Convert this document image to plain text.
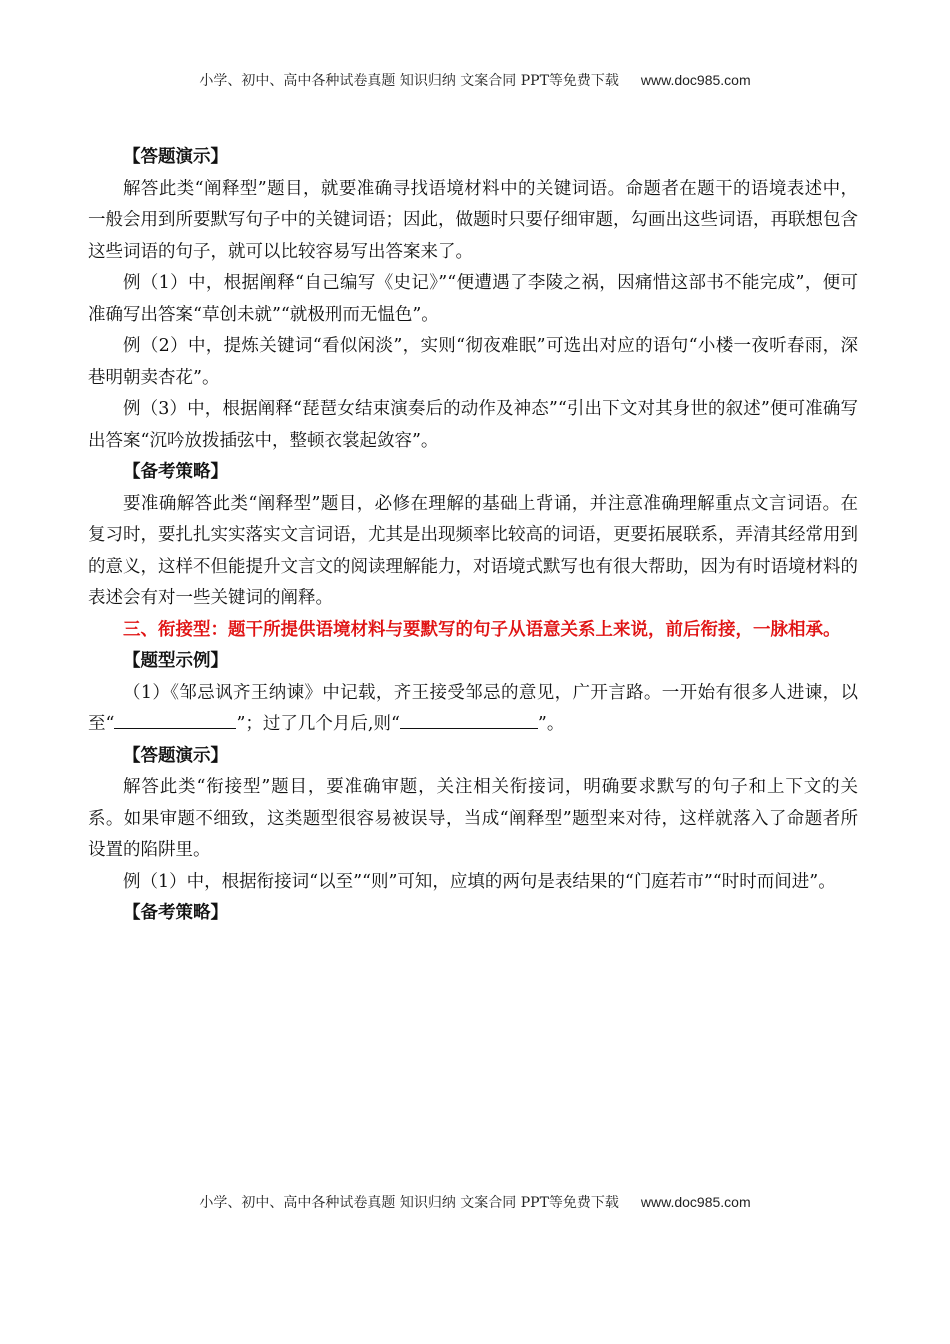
小学、初中、高中各种试卷真题 知识归纳 文案合同 PPT等免费下载 www.doc985.com

【答题演示】

解答此类“阐释型”题目，就要准确寻找语境材料中的关键词语。命题者在题干的语境表述中，一般会用到所要默写句子中的关键词语；因此，做题时只要仔细审题，勾画出这些词语，再联想包含这些词语的句子，就可以比较容易写出答案来了。

例（1）中，根据阐释“自己编写《史记》”“便遭遇了李陵之祸，因痛惜这部书不能完成”，便可准确写出答案“草创未就”“就极刑而无愠色”。

例（2）中，提炼关键词“看似闲淡”，实则“彻夜难眠”可选出对应的语句“小楼一夜听春雨，深巷明朝卖杏花”。

例（3）中，根据阐释“琵琶女结束演奏后的动作及神态”“引出下文对其身世的叙述”便可准确写出答案“沉吟放拨插弦中，整顿衣裳起敛容”。

【备考策略】

要准确解答此类“阐释型”题目，必修在理解的基础上背诵，并注意准确理解重点文言词语。在复习时，要扎扎实实落实文言词语，尤其是出现频率比较高的词语，更要拓展联系，弄清其经常用到的意义，这样不但能提升文言文的阅读理解能力，对语境式默写也有很大帮助，因为有时语境材料的表述会有对一些关键词的阐释。

三、衔接型：题干所提供语境材料与要默写的句子从语意关系上来说，前后衔接，一脉相承。

【题型示例】

（1）《邹忌讽齐王纳谏》中记载，齐王接受邹忌的意见，广开言路。一开始有很多人进谏，以至“	”；过了几个月后,则“	”。

【答题演示】

解答此类“衔接型”题目，要准确审题，关注相关衔接词，明确要求默写的句子和上下文的关系。如果审题不细致，这类题型很容易被误导，当成“阐释型”题型来对待，这样就落入了命题者所设置的陷阱里。

例（1）中，根据衔接词“以至”“则”可知，应填的两句是表结果的“门庭若市”“时时而间进”。

【备考策略】

小学、初中、高中各种试卷真题 知识归纳 文案合同 PPT等免费下载 www.doc985.com
